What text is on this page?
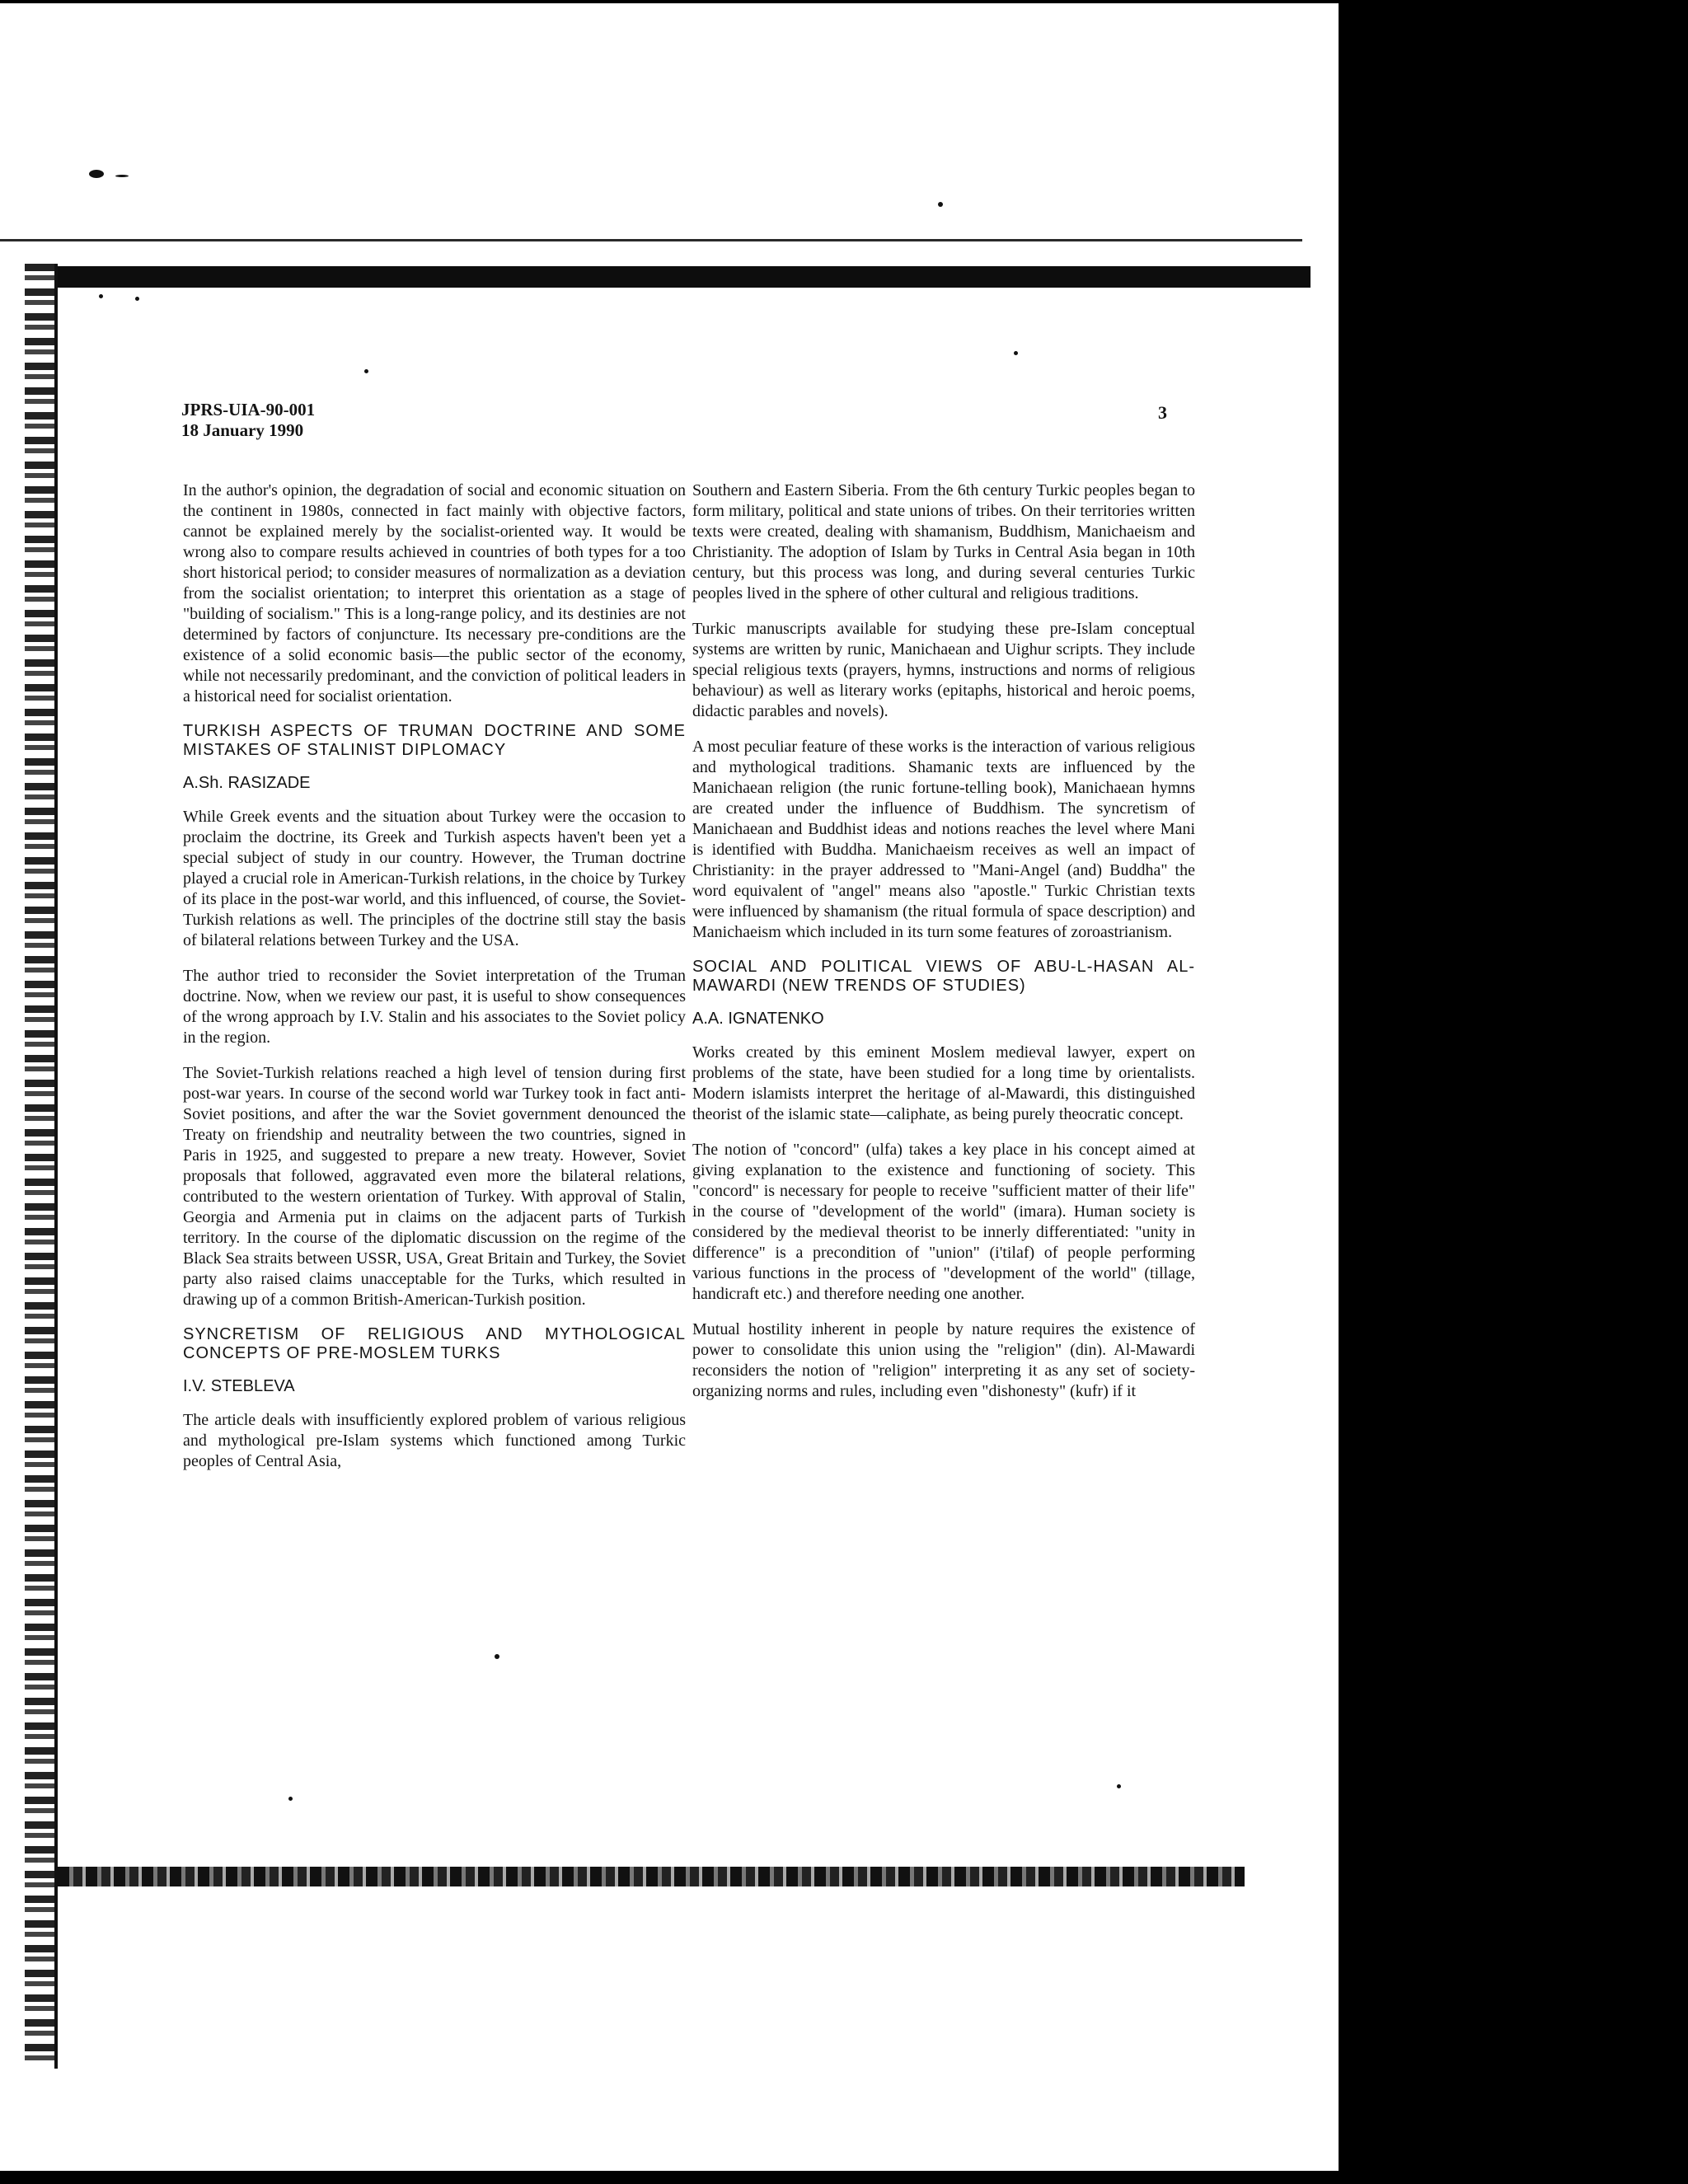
JPRS-UIA-90-001
18 January 1990
3

In the author's opinion, the degradation of social and economic situation on the continent in 1980s, connected in fact mainly with objective factors, cannot be explained merely by the socialist-oriented way. It would be wrong also to compare results achieved in countries of both types for a too short historical period; to consider measures of normalization as a deviation from the socialist orientation; to interpret this orientation as a stage of "building of socialism." This is a long-range policy, and its destinies are not determined by factors of conjuncture. Its necessary pre-conditions are the existence of a solid economic basis—the public sector of the economy, while not necessarily predominant, and the conviction of political leaders in a historical need for socialist orientation.

TURKISH ASPECTS OF TRUMAN DOCTRINE AND SOME MISTAKES OF STALINIST DIPLOMACY
A.Sh. RASIZADE

While Greek events and the situation about Turkey were the occasion to proclaim the doctrine, its Greek and Turkish aspects haven't been yet a special subject of study in our country. However, the Truman doctrine played a crucial role in American-Turkish relations, in the choice by Turkey of its place in the post-war world, and this influenced, of course, the Soviet-Turkish relations as well. The principles of the doctrine still stay the basis of bilateral relations between Turkey and the USA.

The author tried to reconsider the Soviet interpretation of the Truman doctrine. Now, when we review our past, it is useful to show consequences of the wrong approach by I.V. Stalin and his associates to the Soviet policy in the region.

The Soviet-Turkish relations reached a high level of tension during first post-war years. In course of the second world war Turkey took in fact anti-Soviet positions, and after the war the Soviet government denounced the Treaty on friendship and neutrality between the two countries, signed in Paris in 1925, and suggested to prepare a new treaty. However, Soviet proposals that followed, aggravated even more the bilateral relations, contributed to the western orientation of Turkey. With approval of Stalin, Georgia and Armenia put in claims on the adjacent parts of Turkish territory. In the course of the diplomatic discussion on the regime of the Black Sea straits between USSR, USA, Great Britain and Turkey, the Soviet party also raised claims unacceptable for the Turks, which resulted in drawing up of a common British-American-Turkish position.

SYNCRETISM OF RELIGIOUS AND MYTHOLOGICAL CONCEPTS OF PRE-MOSLEM TURKS
I.V. STEBLEVA

The article deals with insufficiently explored problem of various religious and mythological pre-Islam systems which functioned among Turkic peoples of Central Asia,

Southern and Eastern Siberia. From the 6th century Turkic peoples began to form military, political and state unions of tribes. On their territories written texts were created, dealing with shamanism, Buddhism, Manichaeism and Christianity. The adoption of Islam by Turks in Central Asia began in 10th century, but this process was long, and during several centuries Turkic peoples lived in the sphere of other cultural and religious traditions.

Turkic manuscripts available for studying these pre-Islam conceptual systems are written by runic, Manichaean and Uighur scripts. They include special religious texts (prayers, hymns, instructions and norms of religious behaviour) as well as literary works (epitaphs, historical and heroic poems, didactic parables and novels).

A most peculiar feature of these works is the interaction of various religious and mythological traditions. Shamanic texts are influenced by the Manichaean religion (the runic fortune-telling book), Manichaean hymns are created under the influence of Buddhism. The syncretism of Manichaean and Buddhist ideas and notions reaches the level where Mani is identified with Buddha. Manichaeism receives as well an impact of Christianity: in the prayer addressed to "Mani-Angel (and) Buddha" the word equivalent of "angel" means also "apostle." Turkic Christian texts were influenced by shamanism (the ritual formula of space description) and Manichaeism which included in its turn some features of zoroastrianism.

SOCIAL AND POLITICAL VIEWS OF ABU-L-HASAN AL-MAWARDI (NEW TRENDS OF STUDIES)
A.A. IGNATENKO

Works created by this eminent Moslem medieval lawyer, expert on problems of the state, have been studied for a long time by orientalists. Modern islamists interpret the heritage of al-Mawardi, this distinguished theorist of the islamic state—caliphate, as being purely theocratic concept.

The notion of "concord" (ulfa) takes a key place in his concept aimed at giving explanation to the existence and functioning of society. This "concord" is necessary for people to receive "sufficient matter of their life" in the course of "development of the world" (imara). Human society is considered by the medieval theorist to be innerly differentiated: "unity in difference" is a precondition of "union" (i'tilaf) of people performing various functions in the process of "development of the world" (tillage, handicraft etc.) and therefore needing one another.

Mutual hostility inherent in people by nature requires the existence of power to consolidate this union using the "religion" (din). Al-Mawardi reconsiders the notion of "religion" interpreting it as any set of society-organizing norms and rules, including even "dishonesty" (kufr) if it
